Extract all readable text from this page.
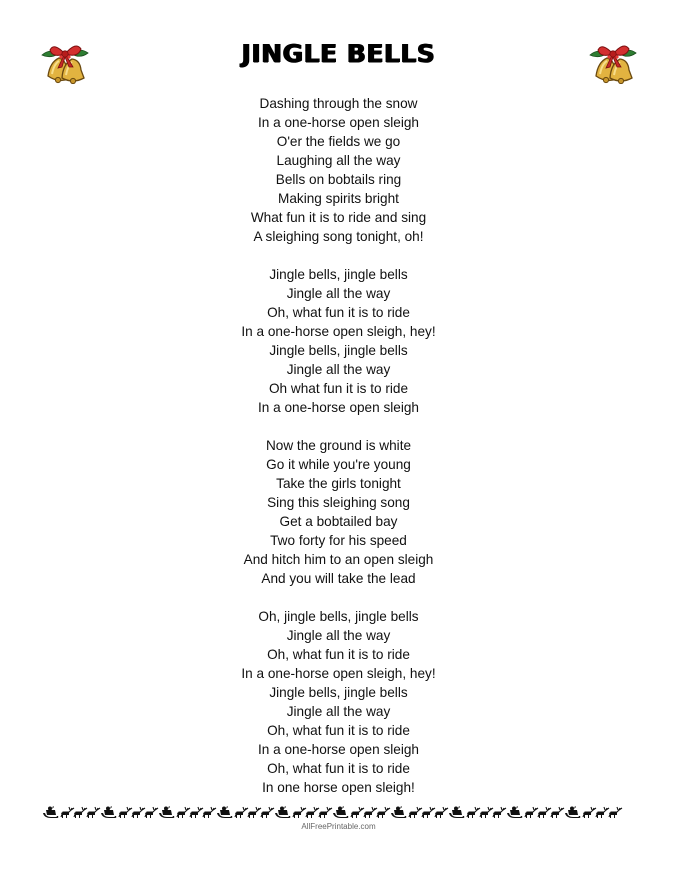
JINGLE BELLS
Dashing through the snow
In a one-horse open sleigh
O'er the fields we go
Laughing all the way
Bells on bobtails ring
Making spirits bright
What fun it is to ride and sing
A sleighing song tonight, oh!
Jingle bells, jingle bells
Jingle all the way
Oh, what fun it is to ride
In a one-horse open sleigh, hey!
Jingle bells, jingle bells
Jingle all the way
Oh what fun it is to ride
In a one-horse open sleigh
Now the ground is white
Go it while you're young
Take the girls tonight
Sing this sleighing song
Get a bobtailed bay
Two forty for his speed
And hitch him to an open sleigh
And you will take the lead
Oh, jingle bells, jingle bells
Jingle all the way
Oh, what fun it is to ride
In a one-horse open sleigh, hey!
Jingle bells, jingle bells
Jingle all the way
Oh, what fun it is to ride
In a one-horse open sleigh
Oh, what fun it is to ride
In one horse open sleigh!
AllFreePrintable.com
